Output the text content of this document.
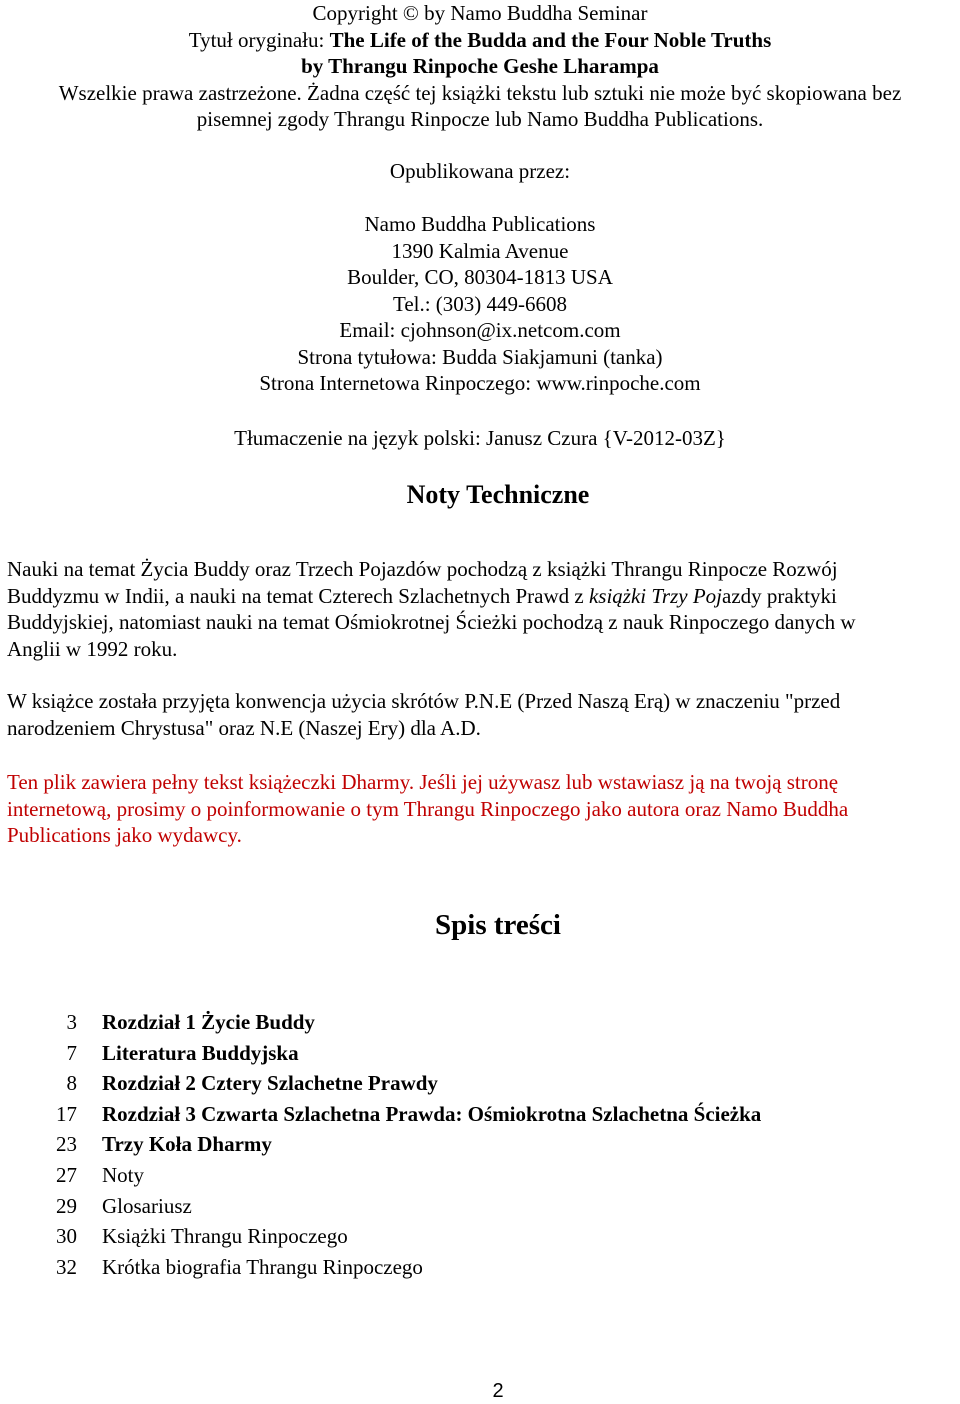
Copyright © by Namo Buddha Seminar
Tytuł oryginału: The Life of the Budda and the Four Noble Truths
by Thrangu Rinpoche Geshe Lharampa
Wszelkie prawa zastrzeżone. Żadna część tej książki tekstu lub sztuki nie może być skopiowana bez
pisemnej zgody Thrangu Rinpocze lub Namo Buddha Publications.
Opublikowana przez:
Namo Buddha Publications
1390 Kalmia Avenue
Boulder, CO, 80304-1813 USA
Tel.: (303) 449-6608
Email: cjohnson@ix.netcom.com
Strona tytułowa: Budda Siakjamuni (tanka)
Strona Internetowa Rinpoczego: www.rinpoche.com
Tłumaczenie na język polski: Janusz Czura {V-2012-03Z}
Noty Techniczne
Nauki na temat Życia Buddy oraz Trzech Pojazdów pochodzą z książki Thrangu Rinpocze Rozwój
Buddyzmu w Indii, a nauki na temat Czterech Szlachetnych Prawd z książki Trzy Pojazdy praktyki
Buddyjskiej, natomiast nauki na temat Ośmiokrotnej Ścieżki pochodzą z nauk Rinpoczego danych w
Anglii w 1992 roku.
W książce została przyjęta konwencja użycia skrótów P.N.E (Przed Naszą Erą) w znaczeniu "przed
narodzeniem Chrystusa" oraz N.E (Naszej Ery) dla A.D.
Ten plik zawiera pełny tekst książeczki Dharmy. Jeśli jej używasz lub wstawiasz ją na twoją stronę
internetową, prosimy o poinformowanie o tym Thrangu Rinpoczego jako autora oraz Namo Buddha
Publications jako wydawcy.
Spis treści
3 Rozdział 1 Życie Buddy
7 Literatura Buddyjska
8 Rozdział 2 Cztery Szlachetne Prawdy
17 Rozdział 3 Czwarta Szlachetna Prawda: Ośmiokrotna Szlachetna Ścieżka
23 Trzy Koła Dharmy
27 Noty
29 Glosariusz
30 Książki Thrangu Rinpoczego
32 Krótka biografia Thrangu Rinpoczego
2
